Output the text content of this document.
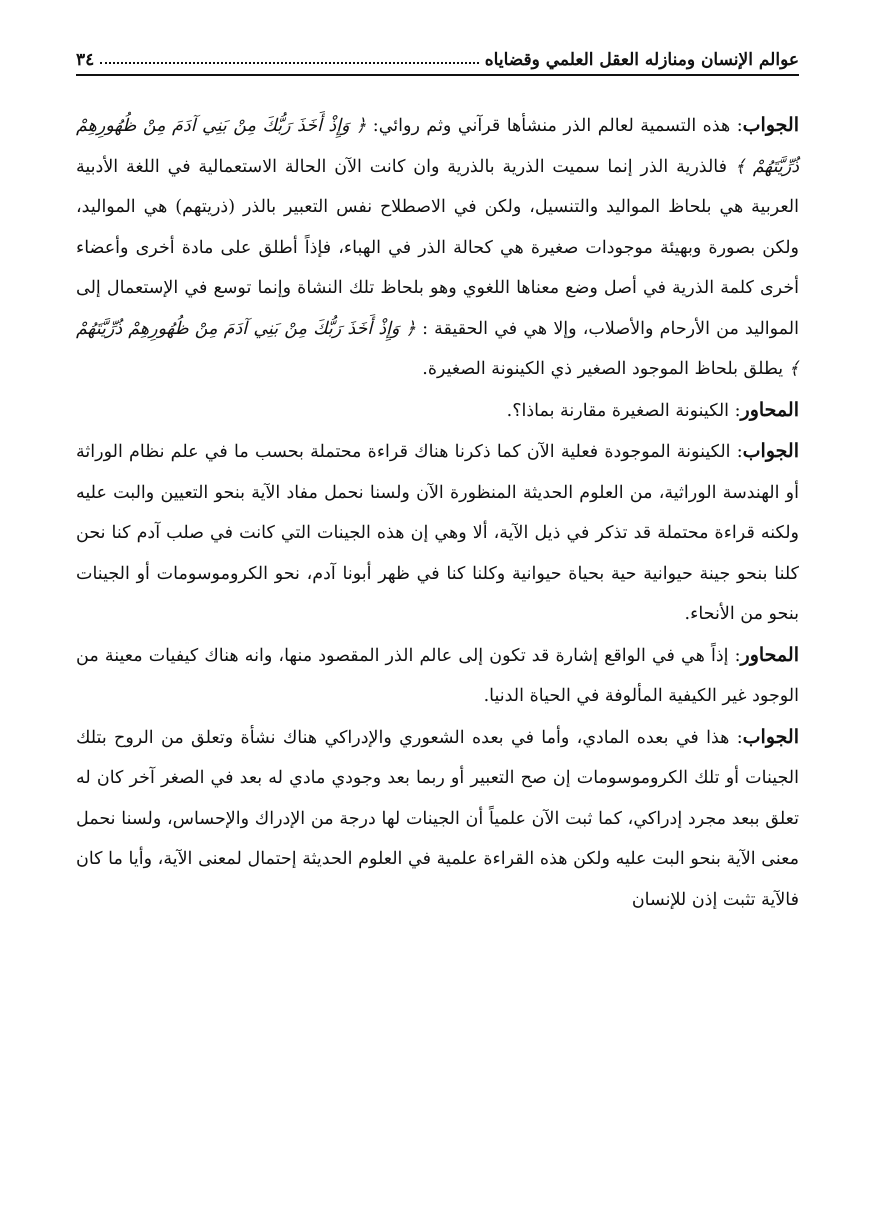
عوالم الإنسان ومنازله العقل العلمي وقضاياه
٣٤

الجواب: هذه التسمية لعالم الذر منشأها قرآني وثم روائي: ﴿ وَإِذْ أَخَذَ رَبُّكَ مِنْ بَنِي آدَمَ مِنْ ظُهُورِهِمْ ذُرِّيَّتَهُمْ ﴾ فالذرية الذر إنما سميت الذرية بالذرية وان كانت الآن الحالة الاستعمالية في اللغة الأدبية العربية هي بلحاظ المواليد والتنسيل، ولكن في الاصطلاح نفس التعبير بالذر (ذريتهم) هي المواليد، ولكن بصورة وبهيئة موجودات صغيرة هي كحالة الذر في الهباء، فإذاً أطلق على مادة أخرى وأعضاء أخرى كلمة الذرية في أصل وضع معناها اللغوي وهو بلحاظ تلك النشاة وإنما توسع في الإستعمال إلى المواليد من الأرحام والأصلاب، وإلا هي في الحقيقة : ﴿ وَإِذْ أَخَذَ رَبُّكَ مِنْ بَنِي آدَمَ مِنْ ظُهُورِهِمْ ذُرِّيَّتَهُمْ ﴾ يطلق بلحاظ الموجود الصغير ذي الكينونة الصغيرة.

المحاور: الكينونة الصغيرة مقارنة بماذا؟.

الجواب: الكينونة الموجودة فعلية الآن كما ذكرنا هناك قراءة محتملة بحسب ما في علم نظام الوراثة أو الهندسة الوراثية، من العلوم الحديثة المنظورة الآن ولسنا نحمل مفاد الآية بنحو التعيين والبت عليه ولكنه قراءة محتملة قد تذكر في ذيل الآية، ألا وهي إن هذه الجينات التي كانت في صلب آدم كنا نحن كلنا بنحو جينة حيوانية حية بحياة حيوانية وكلنا كنا في ظهر أبونا آدم، نحو الكروموسومات أو الجينات بنحو من الأنحاء.

المحاور: إذاً هي في الواقع إشارة قد تكون إلى عالم الذر المقصود منها، وانه هناك كيفيات معينة من الوجود غير الكيفية المألوفة في الحياة الدنيا.

الجواب: هذا في بعده المادي، وأما في بعده الشعوري والإدراكي هناك نشأة وتعلق من الروح بتلك الجينات أو تلك الكروموسومات إن صح التعبير أو ربما بعد وجودي مادي له بعد في الصغر آخر كان له تعلق ببعد مجرد إدراكي، كما ثبت الآن علمياً أن الجينات لها درجة من الإدراك والإحساس، ولسنا نحمل معنى الآية بنحو البت عليه ولكن هذه القراءة علمية في العلوم الحديثة إحتمال لمعنى الآية، وأيا ما كان فالآية تثبت إذن للإنسان
